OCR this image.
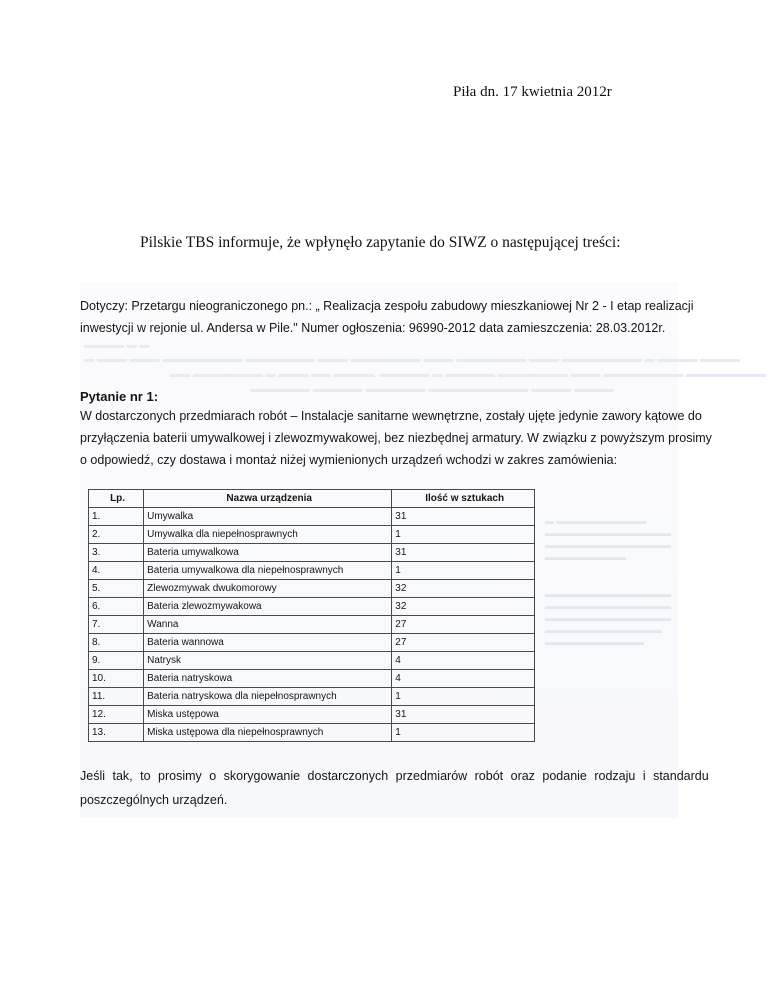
Piła dn. 17 kwietnia 2012r
Pilskie TBS informuje, że wpłynęło zapytanie do SIWZ o następującej treści:
▬▬▬▬ ▬ ▬
▬ ▬▬▬ ▬▬▬ ▬▬▬▬▬▬▬▬ ▬▬▬▬▬▬▬ ▬▬▬ ▬▬▬▬▬▬▬ ▬▬▬ ▬▬▬▬▬▬▬ ▬▬▬ ▬▬▬▬▬▬▬▬ ▬ ▬▬▬▬ ▬▬▬▬
▬▬ ▬▬▬▬▬▬▬ ▬ ▬▬▬ ▬▬ ▬▬▬▬, ▬▬▬▬▬ ▬ ▬▬▬▬▬ ▬▬▬▬▬▬▬ ▬▬▬ ▬▬▬▬▬▬▬▬ ▬▬▬▬▬▬▬▬
▬▬▬▬▬▬ ▬▬▬▬▬ ▬▬▬▬▬▬ ▬▬▬▬▬▬▬▬▬▬ ▬▬▬▬ ▬▬▬▬
▬ ▬▬▬▬▬▬▬▬▬▬
▬▬▬▬▬▬▬▬▬▬▬▬▬▬
▬▬▬▬▬▬▬▬▬▬▬▬▬▬
▬▬▬▬▬▬▬▬▬
▬▬▬▬▬▬▬▬▬▬▬▬▬▬
▬▬▬▬▬▬▬▬▬▬▬▬▬▬
▬▬▬▬▬▬▬▬▬▬▬▬▬▬
▬▬▬▬▬▬▬▬▬▬▬▬▬
▬▬▬▬▬▬▬▬▬▬▬
Dotyczy: Przetargu nieograniczonego pn.: „ Realizacja zespołu zabudowy mieszkaniowej Nr 2 - I etap realizacji
inwestycji w rejonie ul. Andersa w Pile." Numer ogłoszenia: 96990-2012 data zamieszczenia: 28.03.2012r.
Pytanie nr 1:
W dostarczonych przedmiarach robót – Instalacje sanitarne wewnętrzne, zostały ujęte jedynie zawory kątowe do
przyłączenia baterii umywalkowej i zlewozmywakowej, bez niezbędnej armatury. W związku z powyższym prosimy
o odpowiedź, czy dostawa i montaż niżej wymienionych urządzeń wchodzi w zakres zamówienia:
Lp.	Nazwa urządzenia	Ilość w sztukach
1.	Umywalka	31
2.	Umywalka dla niepełnosprawnych	1
3.	Bateria umywalkowa	31
4.	Bateria umywalkowa dla niepełnosprawnych	1
5.	Zlewozmywak dwukomorowy	32
6.	Bateria zlewozmywakowa	32
7.	Wanna	27
8.	Bateria wannowa	27
9.	Natrysk	4
10.	Bateria natryskowa	4
11.	Bateria natryskowa dla niepełnosprawnych	1
12.	Miska ustępowa	31
13.	Miska ustępowa dla niepełnosprawnych	1
Jeśli tak, to prosimy o skorygowanie dostarczonych przedmiarów robót oraz podanie rodzaju i standardu
poszczególnych urządzeń.
